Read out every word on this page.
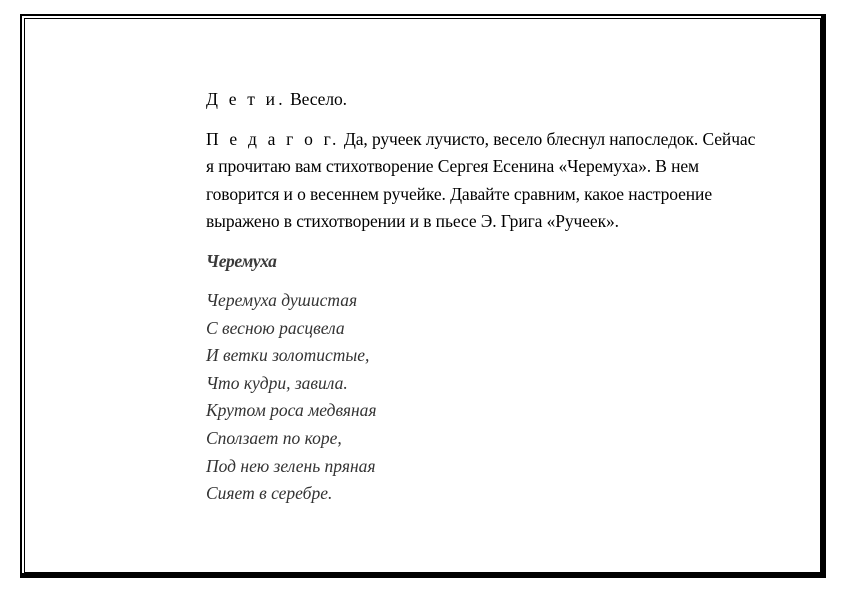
Д е т и. Весело.

П е д а г о г. Да, ручеек лучисто, весело блеснул напоследок. Сейчас я прочитаю вам стихотворение Сергея Есенина «Черемуха». В нем говорится и о весеннем ручейке. Давайте сравним, какое настроение выражено в стихотворении и в пьесе Э. Грига «Ручеек».

Черемуха

Черемуха душистая
С весною расцвела
И ветки золотистые,
Что кудри, завила.
Крутом роса медвяная
Сползает по коре,
Под нею зелень пряная
Сияет в серебре.
